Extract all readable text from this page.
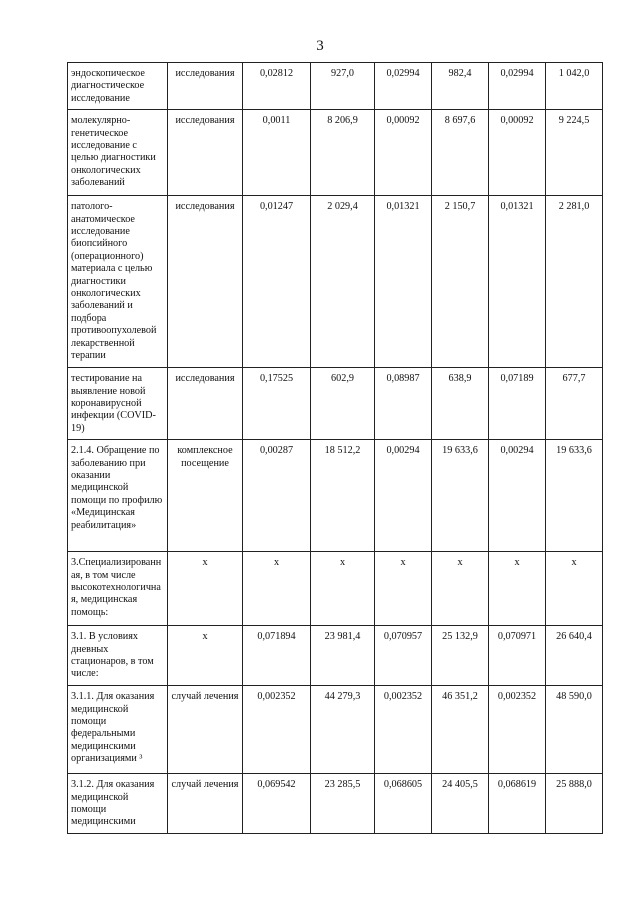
3
эндоскопическое диагностическое исследование	исследования	0,02812	927,0	0,02994	982,4	0,02994	1 042,0
молекулярно-генетическое исследование с целью диагностики онкологических заболеваний	исследования	0,0011	8 206,9	0,00092	8 697,6	0,00092	9 224,5
патолого-анатомическое исследование биопсийного (операционного) материала с целью диагностики онкологических заболеваний и подбора противоопухолевой лекарственной терапии	исследования	0,01247	2 029,4	0,01321	2 150,7	0,01321	2 281,0
тестирование на выявление новой коронавирусной инфекции (COVID-19)	исследования	0,17525	602,9	0,08987	638,9	0,07189	677,7
2.1.4. Обращение по заболеванию при оказании медицинской помощи по профилю «Медицинская реабилитация»	комплексное посещение	0,00287	18 512,2	0,00294	19 633,6	0,00294	19 633,6
3.Специализированная, в том числе высокотехнологичная, медицинская помощь:	х	х	х	х	х	х	х
3.1. В условиях дневных стационаров, в том числе:	х	0,071894	23 981,4	0,070957	25 132,9	0,070971	26 640,4
3.1.1. Для оказания медицинской помощи федеральными медицинскими организациями ³	случай лечения	0,002352	44 279,3	0,002352	46 351,2	0,002352	48 590,0
3.1.2. Для оказания медицинской помощи медицинскими	случай лечения	0,069542	23 285,5	0,068605	24 405,5	0,068619	25 888,0
